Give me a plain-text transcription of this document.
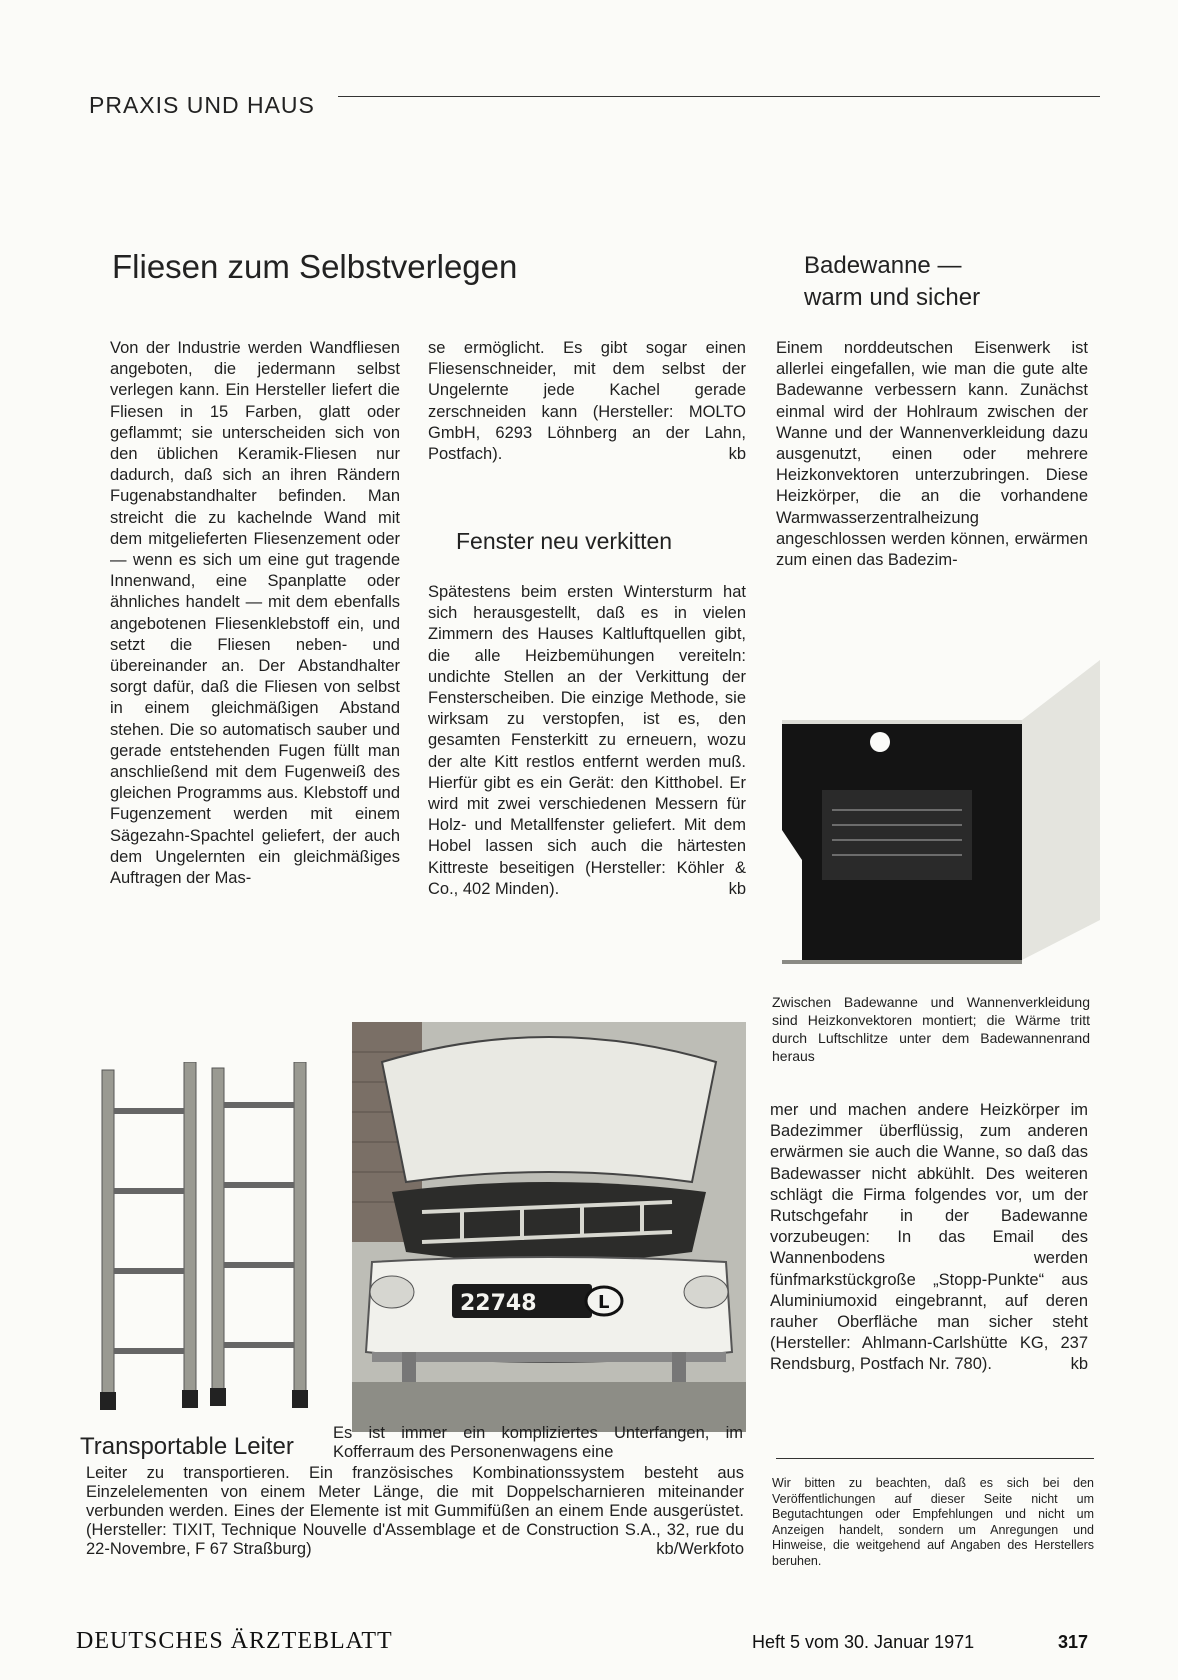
PRAXIS UND HAUS
Fliesen zum Selbstverlegen

Von der Industrie werden Wandfliesen angeboten, die jedermann selbst verlegen kann. Ein Hersteller liefert die Fliesen in 15 Farben, glatt oder geflammt; sie unterscheiden sich von den üblichen Keramik-Fliesen nur dadurch, daß sich an ihren Rändern Fugenabstandhalter befinden. Man streicht die zu kachelnde Wand mit dem mitgelieferten Fliesenzement oder — wenn es sich um eine gut tragende Innenwand, eine Spanplatte oder ähnliches handelt — mit dem ebenfalls angebotenen Fliesenklebstoff ein, und setzt die Fliesen neben- und übereinander an. Der Abstandhalter sorgt dafür, daß die Fliesen von selbst in einem gleichmäßigen Abstand stehen. Die so automatisch sauber und gerade entstehenden Fugen füllt man anschließend mit dem Fugenweiß des gleichen Programms aus. Klebstoff und Fugenzement werden mit einem Sägezahn-Spachtel geliefert, der auch dem Ungelernten ein gleichmäßiges Auftragen der Mas-

se ermöglicht. Es gibt sogar einen Fliesenschneider, mit dem selbst der Ungelernte jede Kachel gerade zerschneiden kann (Hersteller: MOLTO GmbH, 6293 Löhnberg an der Lahn, Postfach).	kb

Fenster neu verkitten

Spätestens beim ersten Wintersturm hat sich herausgestellt, daß es in vielen Zimmern des Hauses Kaltluftquellen gibt, die alle Heizbemühungen vereiteln: undichte Stellen an der Verkittung der Fensterscheiben. Die einzige Methode, sie wirksam zu verstopfen, ist es, den gesamten Fensterkitt zu erneuern, wozu der alte Kitt restlos entfernt werden muß. Hierfür gibt es ein Gerät: den Kitthobel. Er wird mit zwei verschiedenen Messern für Holz- und Metallfenster geliefert. Mit dem Hobel lassen sich auch die härtesten Kittreste beseitigen (Hersteller: Köhler & Co., 402 Minden).	kb

Badewanne —
warm und sicher

Einem norddeutschen Eisenwerk ist allerlei eingefallen, wie man die gute alte Badewanne verbessern kann. Zunächst einmal wird der Hohlraum zwischen der Wanne und der Wannenverkleidung dazu ausgenutzt, einen oder mehrere Heizkonvektoren unterzubringen. Diese Heizkörper, die an die vorhandene Warmwasserzentralheizung angeschlossen werden können, erwärmen zum einen das Badezim-

Zwischen Badewanne und Wannenverkleidung sind Heizkonvektoren montiert; die Wärme tritt durch Luftschlitze unter dem Badewannenrand heraus

mer und machen andere Heizkörper im Badezimmer überflüssig, zum anderen erwärmen sie auch die Wanne, so daß das Badewasser nicht abkühlt. Des weiteren schlägt die Firma folgendes vor, um der Rutschgefahr in der Badewanne vorzubeugen: In das Email des Wannenbodens werden fünfmarkstückgroße „Stopp-Punkte“ aus Aluminiumoxid eingebrannt, auf deren rauher Oberfläche man sicher steht (Hersteller: Ahlmann-Carlshütte KG, 237 Rendsburg, Postfach Nr. 780).	kb

22748	L
Transportable Leiter Es ist immer ein kompliziertes Unterfangen, im Kofferraum des Personenwagens eine
Leiter zu transportieren. Ein französisches Kombinationssystem besteht aus Einzelelementen von einem Meter Länge, die mit Doppelscharnieren miteinander verbunden werden. Eines der Elemente ist mit Gummifüßen an einem Ende ausgerüstet. (Hersteller: TIXIT, Technique Nouvelle d'Assemblage et de Construction S.A., 32, rue du 22-Novembre, F 67 Straßburg)	kb/Werkfoto
Wir bitten zu beachten, daß es sich bei den Veröffentlichungen auf dieser Seite nicht um Begutachtungen oder Empfehlungen und nicht um Anzeigen handelt, sondern um Anregungen und Hinweise, die weitgehend auf Angaben des Herstellers beruhen.
DEUTSCHES ÄRZTEBLATT	Heft 5 vom 30. Januar 1971	317
